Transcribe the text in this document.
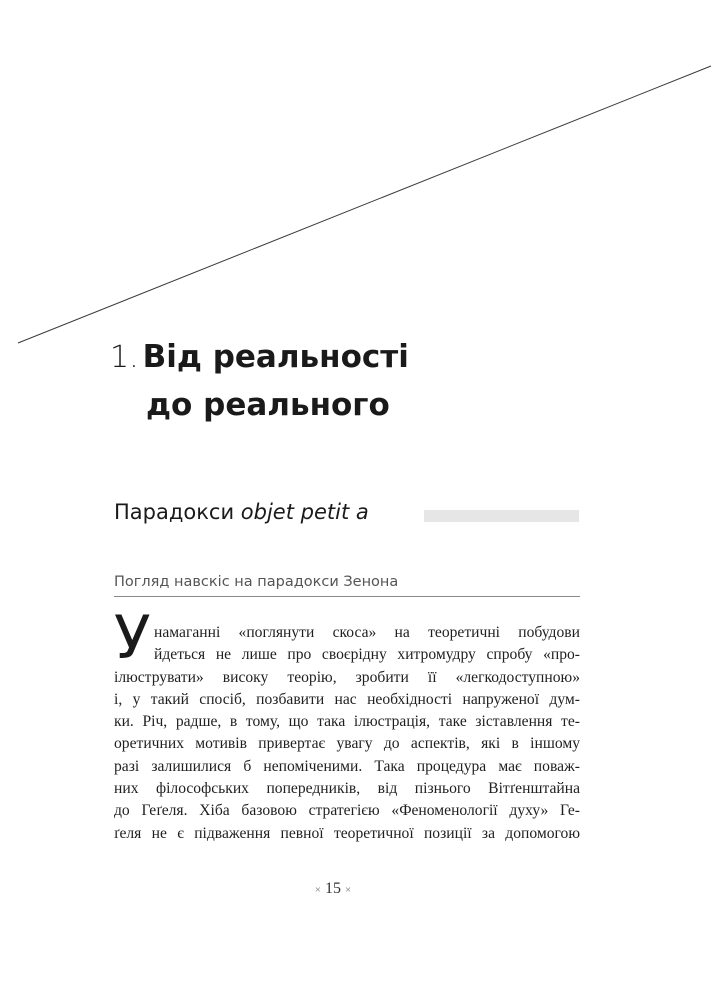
1. Від реальності
до реального
Парадокси objet petit a
Погляд навскіс на парадокси Зенона
У намаганні «поглянути скоса» на теоретичні побудови
йдеться не лише про своєрідну хитромудру спробу «про-
ілюструвати» високу теорію, зробити її «легкодоступною»
і, у такий спосіб, позбавити нас необхідності напруженої дум-
ки. Річ, радше, в тому, що така ілюстрація, таке зіставлення те-
оретичних мотивів привертає увагу до аспектів, які в іншому
разі залишилися б непоміченими. Така процедура має поваж-
них філософських попередників, від пізнього Вітґенштайна
до Геґеля. Хіба базовою стратегією «Феноменології духу» Ге-
ґеля не є підваження певної теоретичної позиції за допомогою
× 15 ×
